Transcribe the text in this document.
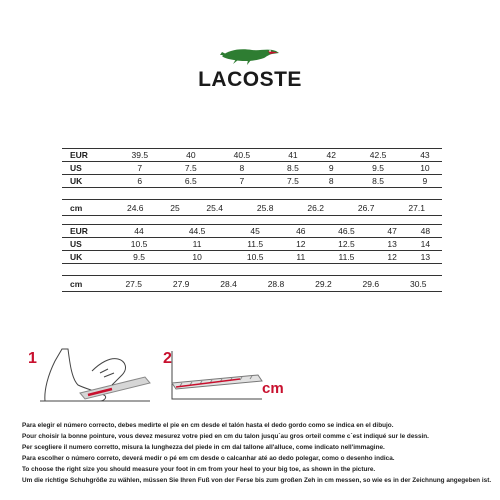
LACOSTE
EUR	39.5	40	40.5	41	42	42.5	43
US	7	7.5	8	8.5	9	9.5	10
UK	6	6.5	7	7.5	8	8.5	9
cm	24.6	25	25.4	25.8	26.2	26.7	27.1
EUR	44	44.5	45	46	46.5	47	48
US	10.5	11	11.5	12	12.5	13	14
UK	9.5	10	10.5	11	11.5	12	13
cm	27.5	27.9	28.4	28.8	29.2	29.6	30.5
1	2
cm
Para elegir el número correcto, debes medirte el pie en cm desde el talón hasta el dedo gordo como se indica en el dibujo.
Pour choisir la bonne pointure, vous devez mesurez votre pied en cm du talon jusqu´au gros orteil comme c´est indiqué sur le dessin.
Per scegliere il numero corretto, misura la lunghezza del piede in cm dal tallone all'alluce, come indicato nell'immagine.
Para escolher o número correto, deverá medir o pé em cm desde o calcanhar até ao dedo polegar, como o desenho indica.
To choose the right size you should measure your foot in cm from your heel to your big toe, as shown in the picture.
Um die richtige Schuhgröße zu wählen, müssen Sie Ihren Fuß von der Ferse bis zum großen Zeh in cm messen, so wie es in der Zeichnung angegeben ist.
